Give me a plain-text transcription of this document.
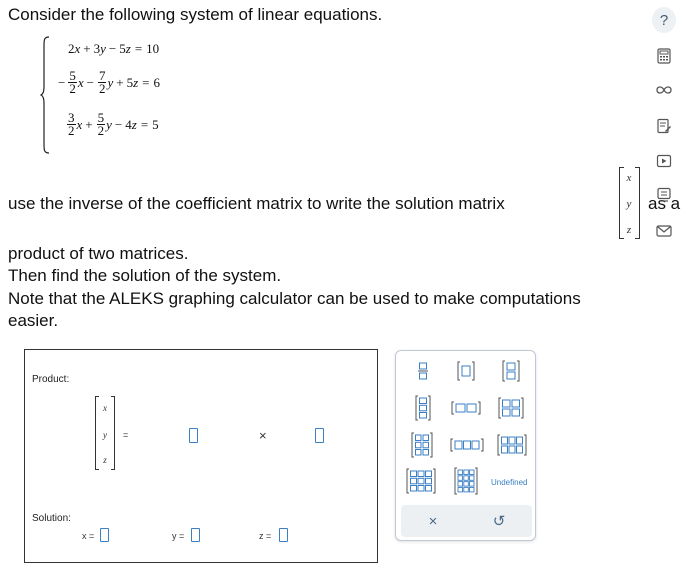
Consider the following system of linear equations.
2 x + 3 y − 5 z = 10
− $\frac{5}{2}$ $x - \frac{7}{2}$ y + 5 z = 6
$\frac{3}{2}$ $x + \frac{5}{2}$ y − 4 z = 5
use the inverse of the coefficient matrix to write the solution matrix
x
y
z
as a
product of two matrices.
Then find the solution of the system.
Note that the ALEKS graphing calculator can be used to make computations
easier.
?
Product:
x
y
z
=	×
Solution:
x =	y =	z =
Undefined
×	↺
